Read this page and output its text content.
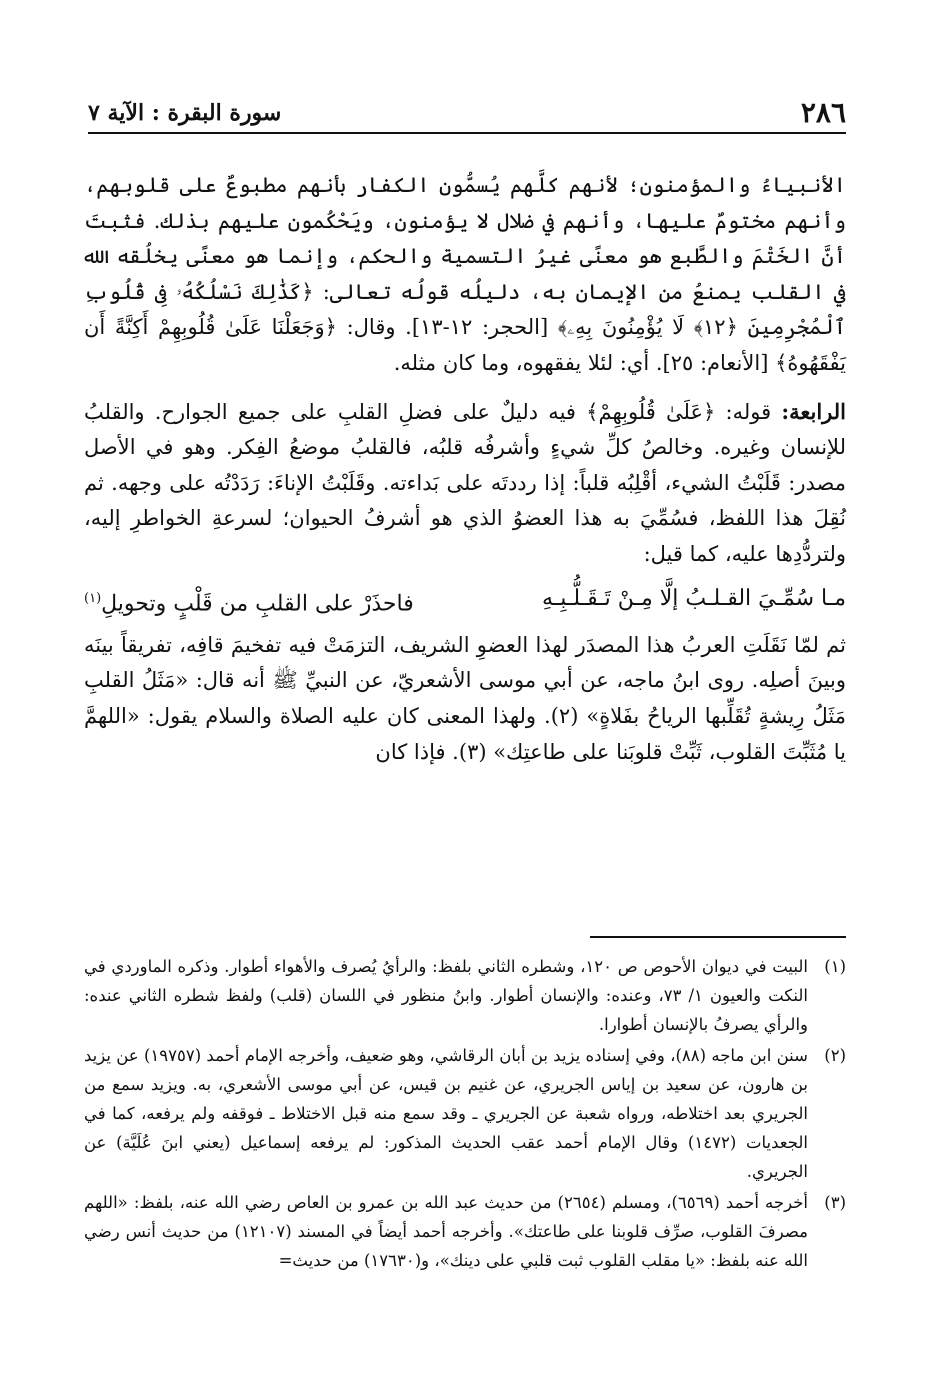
٢٨٦
سورة البقرة : الآية ٧

الأنبياءُ والمؤمنون؛ لأنهم كلَّهم يُسمُّون الكفار بأنهم مطبوعٌ على قلوبهم، وأنهم مختومٌ عليها، وأنهم في ضلال لا يؤمنون، ويَحْكُمون عليهم بذلك. فثبتَ أنَّ الخَتْمَ والطَّبع هو معنًى غيرُ التسمية والحكم، وإنما هو معنًى يخلُقه الله في القلب يمنعُ من الإيمان به، دليلُه قولُه تعالى: ﴿كَذَٰلِكَ نَسْلُكُهُۥ فِى قُلُوبِ ٱلْمُجْرِمِينَ ﴿١٢﴾ لَا يُؤْمِنُونَ بِهِۦ﴾ [الحجر: ١٢-١٣]. وقال: ﴿وَجَعَلْنَا عَلَىٰ قُلُوبِهِمْ أَكِنَّةً أَن يَفْقَهُوهُ﴾ [الأنعام: ٢٥]. أي: لئلا يفقهوه، وما كان مثله.

الرابعة: قوله: ﴿عَلَىٰ قُلُوبِهِمْ﴾ فيه دليلٌ على فضلِ القلبِ على جميع الجوارح. والقلبُ للإنسان وغيره. وخالصُ كلِّ شيءٍ وأشرفُه قلبُه، فالقلبُ موضعُ الفِكر. وهو في الأصل مصدر: قَلَبْتُ الشيء، أقْلِبُه قلباً: إذا رددتَه على بَداءته. وقَلَبْتُ الإناءَ: رَدَدْتُه على وجهه. ثم نُقِلَ هذا اللفظ، فسُمِّيَ به هذا العضوُ الذي هو أشرفُ الحيوان؛ لسرعةِ الخواطرِ إليه، ولتردُّدِها عليه، كما قيل:

مـا سُمِّـيَ القـلـبُ إلَّا مِـنْ تَـقَـلُّـبِـهِ
فاحذَرْ على القلبِ من قَلْبٍ وتحويلِ$^{(١)}$

ثم لمّا نَقَلَتِ العربُ هذا المصدَر لهذا العضوِ الشريف، التزمَتْ فيه تفخيمَ قافِه، تفريقاً بينَه وبينَ أصلِه. روى ابنُ ماجه، عن أبي موسى الأشعريّ، عن النبيِّ ﷺ أنه قال: «مَثَلُ القلبِ مَثَلُ رِيشةٍ تُقَلِّبها الرياحُ بفَلاةٍ» (٢). ولهذا المعنى كان عليه الصلاة والسلام يقول: «اللهمَّ يا مُثَبِّتَ القلوب، ثَبِّتْ قلوبَنا على طاعتِك» (٣). فإذا كان

(١)
البيت في ديوان الأحوص ص ١٢٠، وشطره الثاني بلفظ: والرأيُ يُصرف والأهواء أطوار. وذكره الماوردي في النكت والعيون ١/ ٧٣، وعنده: والإنسان أطوار. وابنُ منظور في اللسان (قلب) ولفظ شطره الثاني عنده: والرأي يصرفُ بالإنسان أطوارا.
(٢)
سنن ابن ماجه (٨٨)، وفي إسناده يزيد بن أبان الرقاشي، وهو ضعيف، وأخرجه الإمام أحمد (١٩٧٥٧) عن يزيد بن هارون، عن سعيد بن إياس الجريري، عن غنيم بن قيس، عن أبي موسى الأشعري، به. ويزيد سمع من الجريري بعد اختلاطه، ورواه شعبة عن الجريري ـ وقد سمع منه قبل الاختلاط ـ فوقفه ولم يرفعه، كما في الجعديات (١٤٧٢) وقال الإمام أحمد عقب الحديث المذكور: لم يرفعه إسماعيل (يعني ابنَ عُلَيَّة) عن الجريري.
(٣)
أخرجه أحمد (٦٥٦٩)، ومسلم (٢٦٥٤) من حديث عبد الله بن عمرو بن العاص رضي الله عنه، بلفظ: «اللهم مصرفَ القلوب، صرِّف قلوبنا على طاعتك». وأخرجه أحمد أيضاً في المسند (١٢١٠٧) من حديث أنس رضي الله عنه بلفظ: «يا مقلب القلوب ثبت قلبي على دينك»، و(١٧٦٣٠) من حديث=
